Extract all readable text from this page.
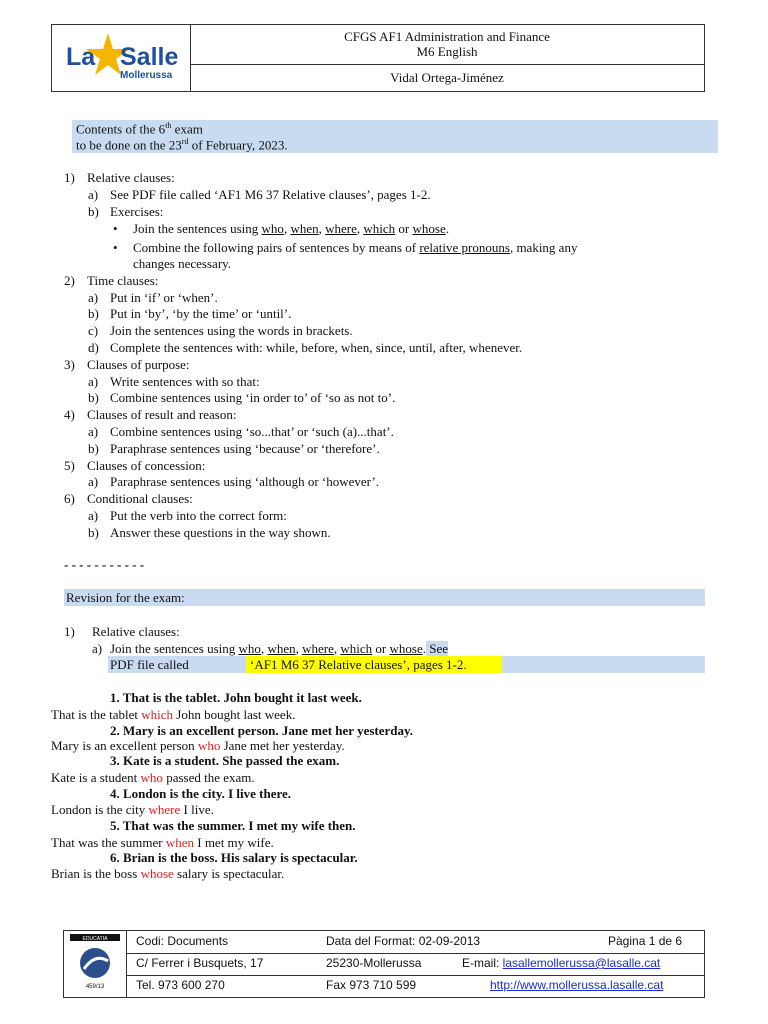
La Salle
Mollerussa
CFGS AF1 Administration and Finance
M6 English
Vidal Ortega-Jiménez
Contents of the 6th exam
to be done on the 23rd of February, 2023.
1) Relative clauses:
a) See PDF file called ‘AF1 M6 37 Relative clauses’, pages 1-2.
b) Exercises:
• Join the sentences using who, when, where, which or whose.
• Combine the following pairs of sentences by means of relative pronouns, making any
changes necessary.
2) Time clauses:
a) Put in ‘if’ or ‘when’.
b) Put in ‘by’, ‘by the time’ or ‘until’.
c) Join the sentences using the words in brackets.
d) Complete the sentences with: while, before, when, since, until, after, whenever.
3) Clauses of purpose:
a) Write sentences with so that:
b) Combine sentences using ‘in order to’ of ‘so as not to’.
4) Clauses of result and reason:
a) Combine sentences using ‘so...that’ or ‘such (a)...that’.
b) Paraphrase sentences using ‘because’ or ‘therefore’.
5) Clauses of concession:
a) Paraphrase sentences using ‘although or ‘however’.
6) Conditional clauses:
a) Put the verb into the correct form:
b) Answer these questions in the way shown.
- - - - - - - - - - -
Revision for the exam:
1) Relative clauses:
a) Join the sentences using who, when, where, which or whose. See
PDF file called	‘AF1 M6 37 Relative clauses’, pages 1-2.
1. That is the tablet. John bought it last week.
That is the tablet which John bought last week.
2. Mary is an excellent person. Jane met her yesterday.
Mary is an excellent person who Jane met her yesterday.
3. Kate is a student. She passed the exam.
Kate is a student who passed the exam.
4. London is the city. I live there.
London is the city where I live.
5. That was the summer. I met my wife then.
That was the summer when I met my wife.
6. Brian is the boss. His salary is spectacular.
Brian is the boss whose salary is spectacular.
EDUCATIA
459/13
Codi: Documents	Data del Format: 02-09-2013	Pàgina 1 de 6
C/ Ferrer i Busquets, 17	25230-Mollerussa	E-mail: lasallemollerussa@lasalle.cat
Tel. 973 600 270	Fax 973 710 599	http://www.mollerussa.lasalle.cat
